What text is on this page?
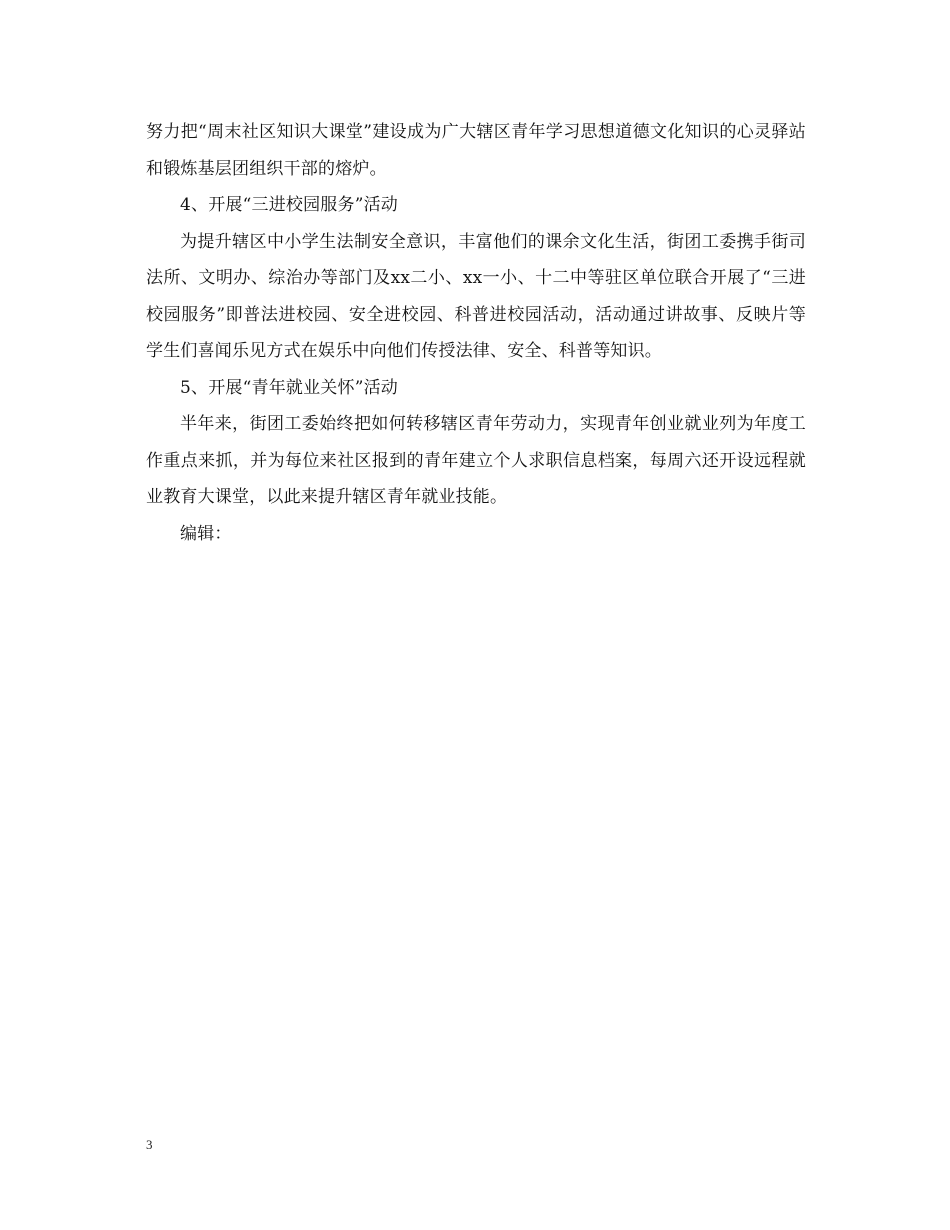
努力把“周末社区知识大课堂”建设成为广大辖区青年学习思想道德文化知识的心灵驿站和锻炼基层团组织干部的熔炉。

4、开展“三进校园服务”活动

为提升辖区中小学生法制安全意识，丰富他们的课余文化生活，街团工委携手街司法所、文明办、综治办等部门及xx二小、xx一小、十二中等驻区单位联合开展了“三进校园服务”即普法进校园、安全进校园、科普进校园活动，活动通过讲故事、反映片等学生们喜闻乐见方式在娱乐中向他们传授法律、安全、科普等知识。

5、开展“青年就业关怀”活动

半年来，街团工委始终把如何转移辖区青年劳动力，实现青年创业就业列为年度工作重点来抓，并为每位来社区报到的青年建立个人求职信息档案，每周六还开设远程就业教育大课堂，以此来提升辖区青年就业技能。

编辑：

3
